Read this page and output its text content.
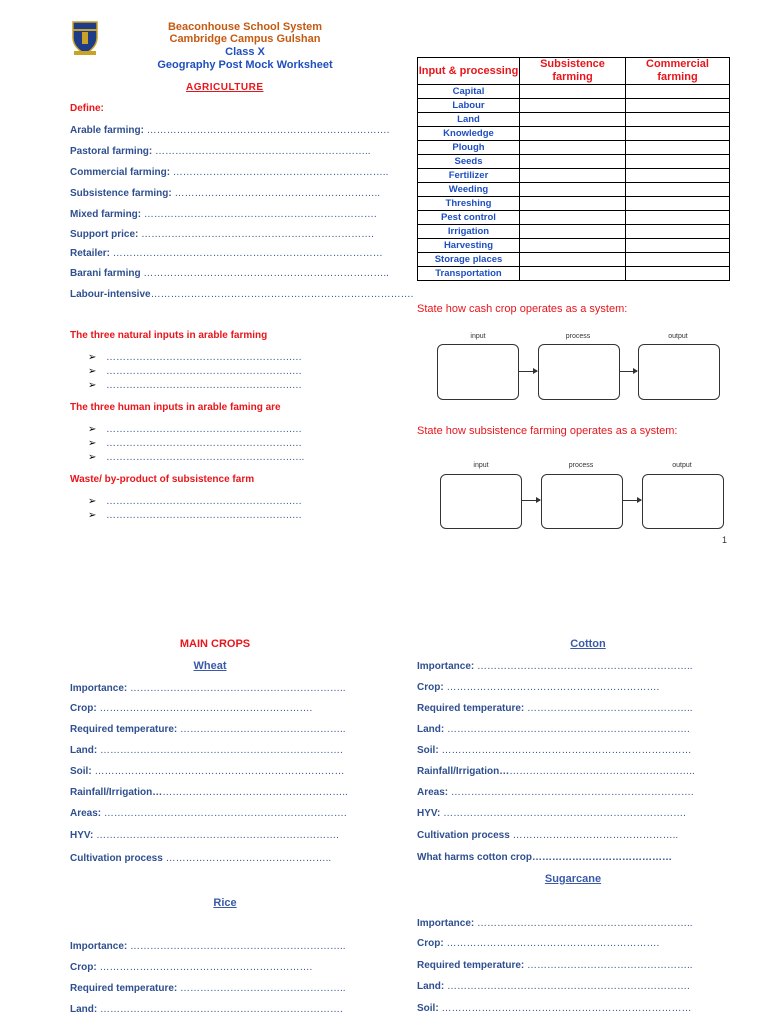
Beaconhouse School System
Cambridge Campus Gulshan
Class X
Geography Post Mock Worksheet
AGRICULTURE
Define:
Arable farming: ……………………………………………………………….
Pastoral farming: ………………………………………………………..
Commercial farming: ………………………………………………………..
Subsistence farming: ……………………………………………………..
Mixed farming: …………………………………………………………….
Support price: …………………………………………………………….
Retailer: ………………………………………………………………………
Barani farming ………………………………………………………………..
Labour-intensive…………………………………………………………………….
The three natural inputs in arable farming
➢ ……………………………………………….….
➢ ……………………………………………….….
➢ ……………………………………………….….
The three human inputs in arable faming are
➢ ……………………………………………….….
➢ ……………………………………………….….
➢ ……………………………………………….…..
Waste/ by-product of subsistence farm
➢ ……………………………………………….….
➢ ……………………………………………….….
Input & processing	Subsistence farming	Commercial farming
Capital		
Labour		
Land		
Knowledge		
Plough		
Seeds		
Fertilizer		
Weeding		
Threshing		
Pest control		
Irrigation		
Harvesting		
Storage places		
Transportation		
State how cash crop operates as a system:
input	process	output
State how subsistence farming operates as a system:
input	process	output
1
MAIN CROPS
Wheat
Importance: ………………………………………………………..
Crop: ……………………………………………………….
Required temperature: …………………………………………..
Land: ……………………………………………………………….
Soil: …………………………………………………………………
Rainfall/Irrigation…………………………………………………..
Areas: ……………………………………………………………….
HYV: ……………………………………………………………….
Cultivation process …………………………………………..
Rice
Importance: ………………………………………………………..
Crop: ……………………………………………………….
Required temperature: …………………………………………..
Land: ……………………………………………………………….
Cotton
Importance: ………………………………………………………..
Crop: ……………………………………………………….
Required temperature: …………………………………………..
Land: ……………………………………………………………….
Soil: …………………………………………………………………
Rainfall/Irrigation…………………………………………………..
Areas: ……………………………………………………………….
HYV: ……………………………………………………………….
Cultivation process …………………………………………..
What harms cotton crop……………………………………
Sugarcane
Importance: ………………………………………………………..
Crop: ……………………………………………………….
Required temperature: …………………………………………..
Land: ……………………………………………………………….
Soil: …………………………………………………………………
